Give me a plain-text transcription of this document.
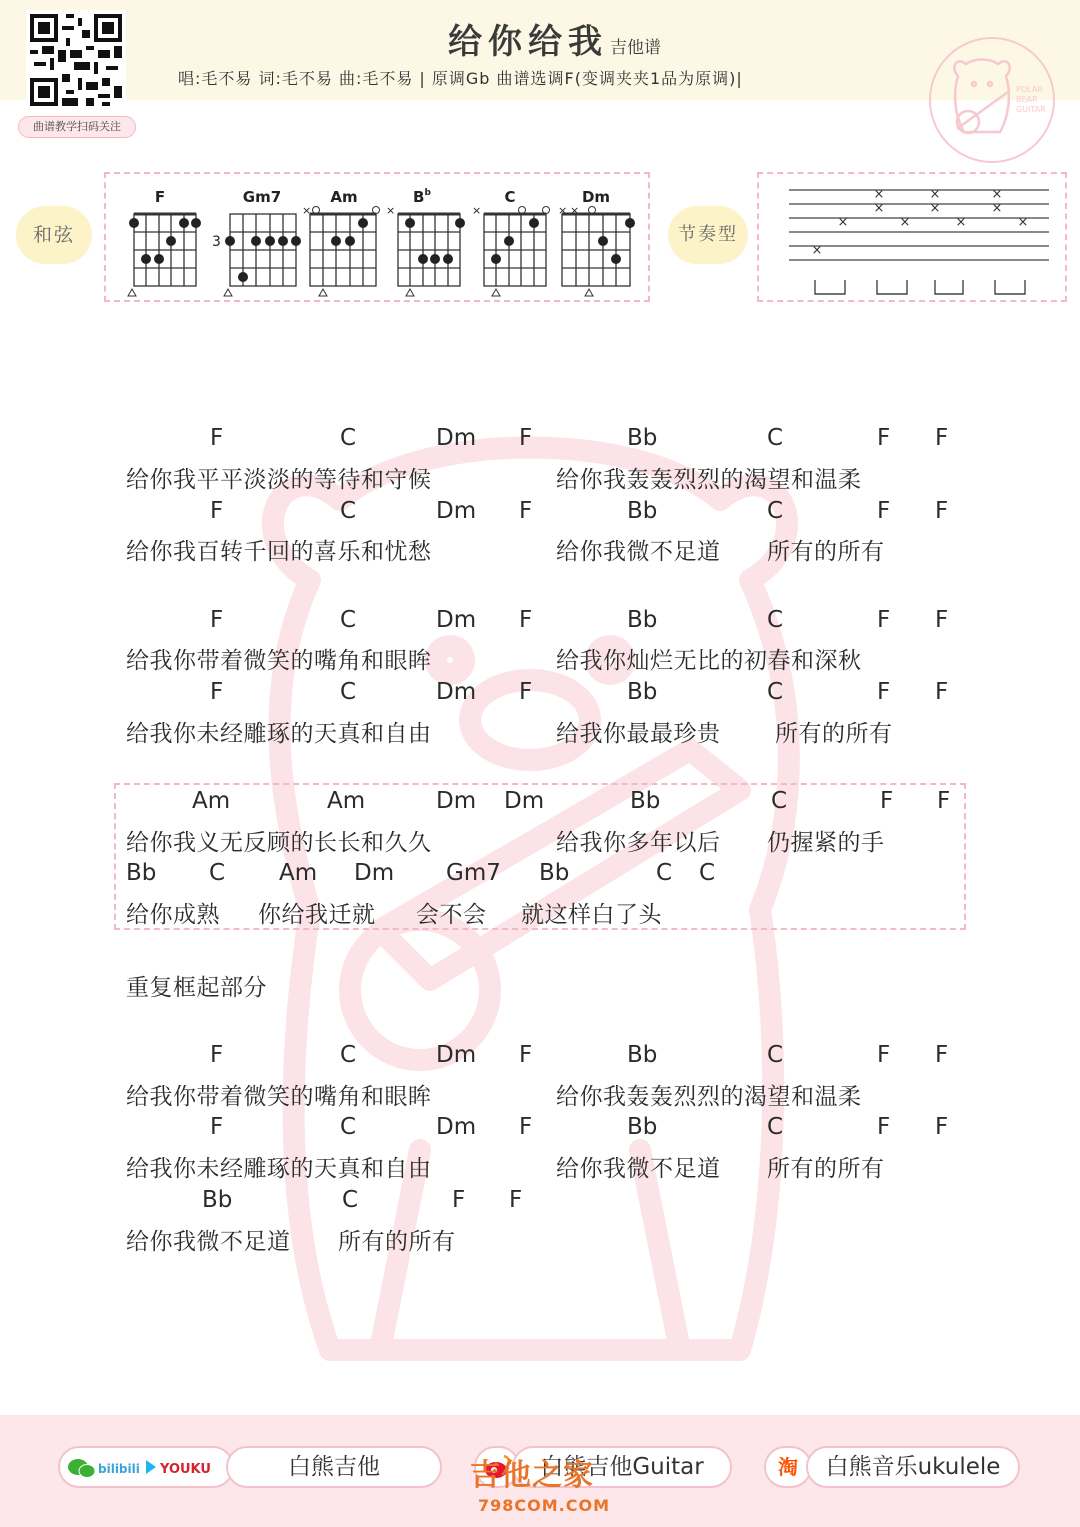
曲谱教学扫码关注
给你给我 吉他谱
唱:毛不易 词:毛不易 曲:毛不易 | 原调Gb 曲谱选调F(变调夹夹1品为原调)|
POLAR
BEAR
GUITAR
和弦
F	Gm7
3
Am
×
$B^b$
×
C
×
Dm
× ×
节奏型
×
×
×
×
×
×
×
×
×
×
×
F	C	Dm F	Bb	C	F F
给你我平平淡淡的等待和守候	给你我轰轰烈烈的渴望和温柔
F	C	Dm F	Bb	C	F F
给你我百转千回的喜乐和忧愁	给你我微不足道 所有的所有
F	C	Dm F	Bb	C	F F
给我你带着微笑的嘴角和眼眸	给我你灿烂无比的初春和深秋
F	C	Dm F	Bb	C	F F
给我你未经雕琢的天真和自由	给我你最最珍贵 所有的所有
Am	Am	Dm Dm	Bb	C	F F
给你我义无反顾的长长和久久	给我你多年以后 仍握紧的手
Bb C Am Dm Gm7 Bb	C C
给你成熟 你给我迁就 会不会 就这样白了头
重复框起部分
F	C	Dm F	Bb	C	F F
给我你带着微笑的嘴角和眼眸	给你我轰轰烈烈的渴望和温柔
F	C	Dm F	Bb	C	F F
给我你未经雕琢的天真和自由	给你我微不足道 所有的所有
Bb	C	F F
给你我微不足道 所有的所有
bilibili YOUKU	白熊吉他	白熊吉他Guitar	淘	白熊音乐ukulele
吉他之家
798COM.COM
